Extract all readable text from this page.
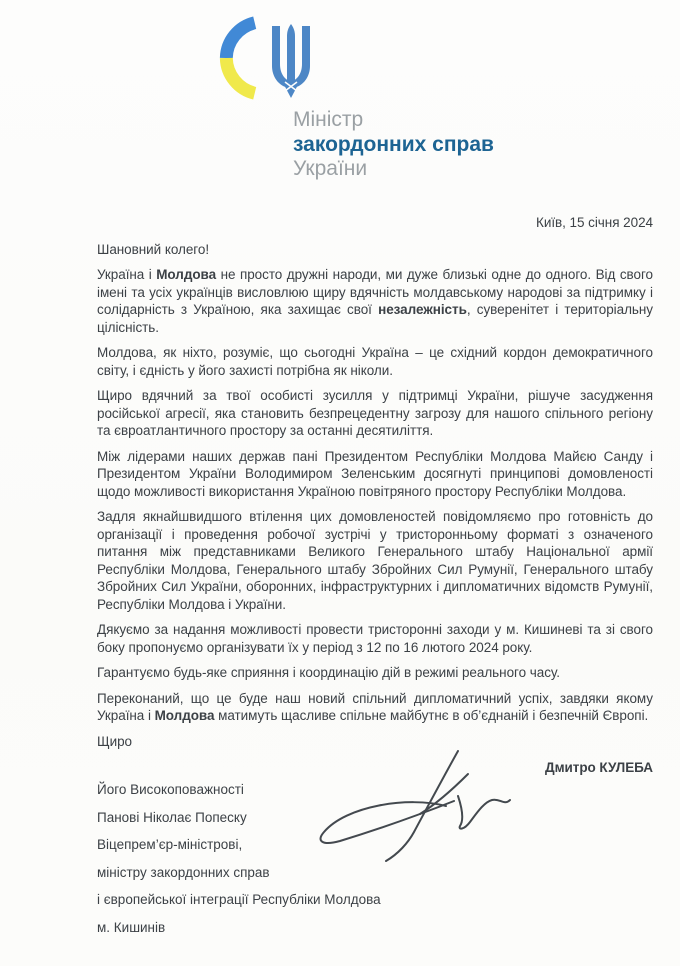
Міністр
закордонних справ
України
Київ, 15 січня 2024

Шановний колего!

Україна і Молдова не просто дружні народи, ми дуже близькі одне до одного. Від свого імені та усіх українців висловлюю щиру вдячність молдавському народові за підтримку і солідарність з Україною, яка захищає свої незалежність, суверенітет і територіальну цілісність.

Молдова, як ніхто, розуміє, що сьогодні Україна – це східний кордон демократичного світу, і єдність у його захисті потрібна як ніколи.

Щиро вдячний за твої особисті зусилля у підтримці України, рішуче засудження російської агресії, яка становить безпрецедентну загрозу для нашого спільного регіону та євроатлантичного простору за останні десятиліття.

Між лідерами наших держав пані Президентом Республіки Молдова Майєю Санду і Президентом України Володимиром Зеленським досягнуті принципові домовленості щодо можливості використання Україною повітряного простору Республіки Молдова.

Задля якнайшвидшого втілення цих домовленостей повідомляємо про готовність до організації і проведення робочої зустрічі у тристоронньому форматі з означеного питання між представниками Великого Генерального штабу Національної армії Республіки Молдова, Генерального штабу Збройних Сил Румунії, Генерального штабу Збройних Сил України, оборонних, інфраструктурних і дипломатичних відомств Румунії, Республіки Молдова і України.

Дякуємо за надання можливості провести тристоронні заходи у м. Кишиневі та зі свого боку пропонуємо організувати їх у період з 12 по 16 лютого 2024 року.

Гарантуємо будь-яке сприяння і координацію дій в режимі реального часу.

Переконаний, що це буде наш новий спільний дипломатичний успіх, завдяки якому Україна і Молдова матимуть щасливе спільне майбутнє в об’єднаній і безпечній Європі.

Щиро

Дмитро КУЛЕБА
Його Високоповажності
Панові Ніколає Попеску
Віцепрем’єр-міністрові,
міністру закордонних справ
і європейської інтеграції Республіки Молдова
м. Кишинів
